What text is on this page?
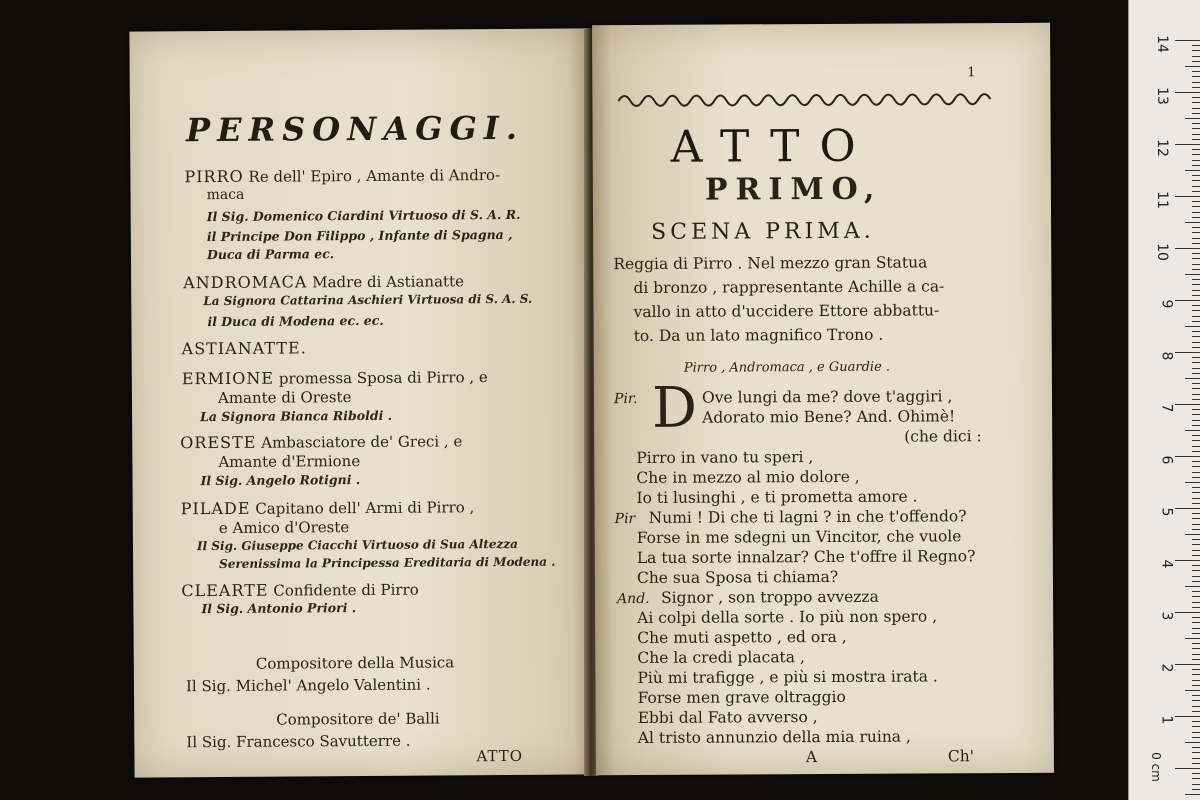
PERSONAGGI.
PIRRO Re dell' Epiro , Amante di Andro-
maca
Il Sig. Domenico Ciardini Virtuoso di S. A. R.
il Principe Don Filippo , Infante di Spagna ,
Duca di Parma ec.
ANDROMACA Madre di Astianatte
La Signora Cattarina Aschieri Virtuosa di S. A. S.
il Duca di Modena ec. ec.
ASTIANATTE.
ERMIONE promessa Sposa di Pirro , e
Amante di Oreste
La Signora Bianca Riboldi .
ORESTE Ambasciatore de' Greci , e
Amante d'Ermione
Il Sig. Angelo Rotigni .
PILADE Capitano dell' Armi di Pirro ,
e Amico d'Oreste
Il Sig. Giuseppe Ciacchi Virtuoso di Sua Altezza
Serenissima la Principessa Ereditaria di Modena .
CLEARTE Confidente di Pirro
Il Sig. Antonio Priori .
Compositore della Musica
Il Sig. Michel' Angelo Valentini .
Compositore de' Balli
Il Sig. Francesco Savutterre .
ATTO
1
ATTO
PRIMO,
SCENA PRIMA.
Reggia di Pirro . Nel mezzo gran Statua
di bronzo , rappresentante Achille a ca-
vallo in atto d'uccidere Ettore abbattu-
to. Da un lato magnifico Trono .
Pirro , Andromaca , e Guardie .
Pir. D Ove lungi da me? dove t'aggiri ,
Adorato mio Bene? And. Ohimè!
(che dici :
Pirro in vano tu speri ,
Che in mezzo al mio dolore ,
Io ti lusinghi , e ti prometta amore .
Pir Numi ! Di che ti lagni ? in che t'offendo?
Forse in me sdegni un Vincitor, che vuole
La tua sorte innalzar? Che t'offre il Regno?
Che sua Sposa ti chiama?
And. Signor , son troppo avvezza
Ai colpi della sorte . Io più non spero ,
Che muti aspetto , ed ora ,
Che la credi placata ,
Più mi trafigge , e più si mostra irata .
Forse men grave oltraggio
Ebbi dal Fato avverso ,
Al tristo annunzio della mia ruina ,
A	Ch'
14
13
12
11
10
9
8
7
6
5
4
3
2
1
0 cm
